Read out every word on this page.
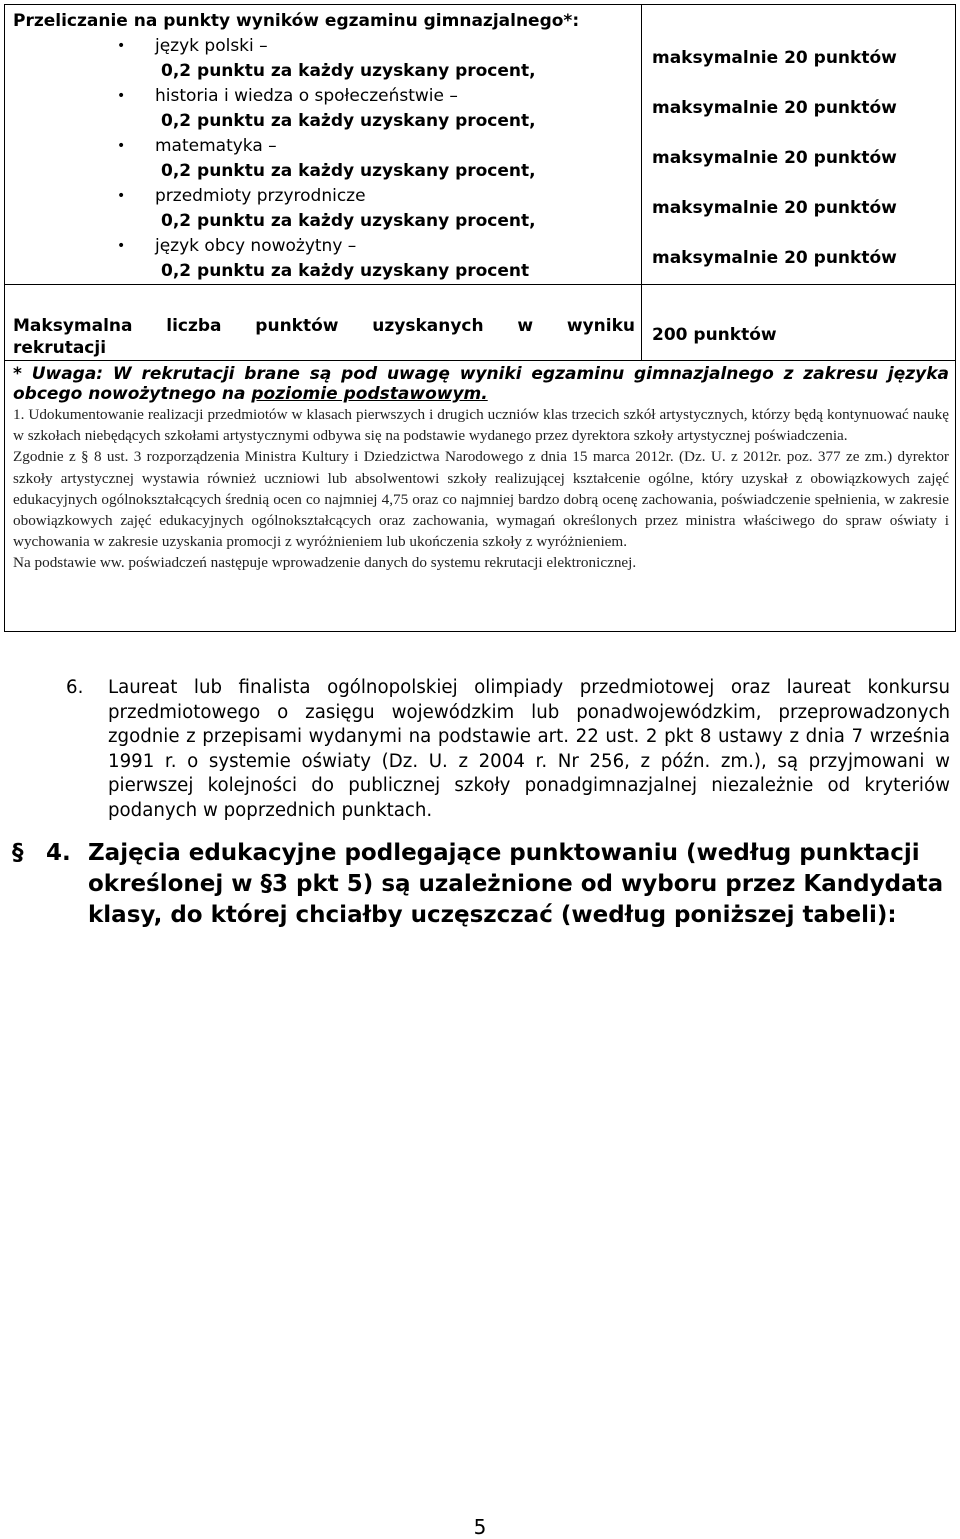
Przeliczanie na punkty wyników egzaminu gimnazjalnego*:
• język polski –
0,2 punktu za każdy uzyskany procent,
• historia i wiedza o społeczeństwie –
0,2 punktu za każdy uzyskany procent,
• matematyka –
0,2 punktu za każdy uzyskany procent,
• przedmioty przyrodnicze
0,2 punktu za każdy uzyskany procent,
• język obcy nowożytny –
0,2 punktu za każdy uzyskany procent
maksymalnie 20 punktów
maksymalnie 20 punktów
maksymalnie 20 punktów
maksymalnie 20 punktów
maksymalnie 20 punktów
Maksymalna liczba punktów uzyskanych w wyniku
rekrutacji
200 punktów
* Uwaga: W rekrutacji brane są pod uwagę wyniki egzaminu gimnazjalnego z zakresu języka obcego nowożytnego na poziomie podstawowym.

1. Udokumentowanie realizacji przedmiotów w klasach pierwszych i drugich uczniów klas trzecich szkół artystycznych, którzy będą kontynuować naukę w szkołach niebędących szkołami artystycznymi odbywa się na podstawie wydanego przez dyrektora szkoły artystycznej poświadczenia.

Zgodnie z § 8 ust. 3 rozporządzenia Ministra Kultury i Dziedzictwa Narodowego z dnia 15 marca 2012r. (Dz. U. z 2012r. poz. 377 ze zm.) dyrektor szkoły artystycznej wystawia również uczniowi lub absolwentowi szkoły realizującej kształcenie ogólne, który uzyskał z obowiązkowych zajęć edukacyjnych ogólnokształcących średnią ocen co najmniej 4,75 oraz co najmniej bardzo dobrą ocenę zachowania, poświadczenie spełnienia, w zakresie obowiązkowych zajęć edukacyjnych ogólnokształcących oraz zachowania, wymagań określonych przez ministra właściwego do spraw oświaty i wychowania w zakresie uzyskania promocji z wyróżnieniem lub ukończenia szkoły z wyróżnieniem.

Na podstawie ww. poświadczeń następuje wprowadzenie danych do systemu rekrutacji elektronicznej.

6. Laureat lub finalista ogólnopolskiej olimpiady przedmiotowej oraz laureat konkursu przedmiotowego o zasięgu wojewódzkim lub ponadwojewódzkim, przeprowadzonych zgodnie z przepisami wydanymi na podstawie art. 22 ust. 2 pkt 8 ustawy z dnia 7 września 1991 r. o systemie oświaty (Dz. U. z 2004 r. Nr 256, z późn. zm.), są przyjmowani w pierwszej kolejności do publicznej szkoły ponadgimnazjalnej niezależnie od kryteriów podanych w poprzednich punktach.
§ 4. Zajęcia edukacyjne podlegające punktowaniu (według punktacji określonej w §3 pkt 5) są uzależnione od wyboru przez Kandydata klasy, do której chciałby uczęszczać (według poniższej tabeli):
5
